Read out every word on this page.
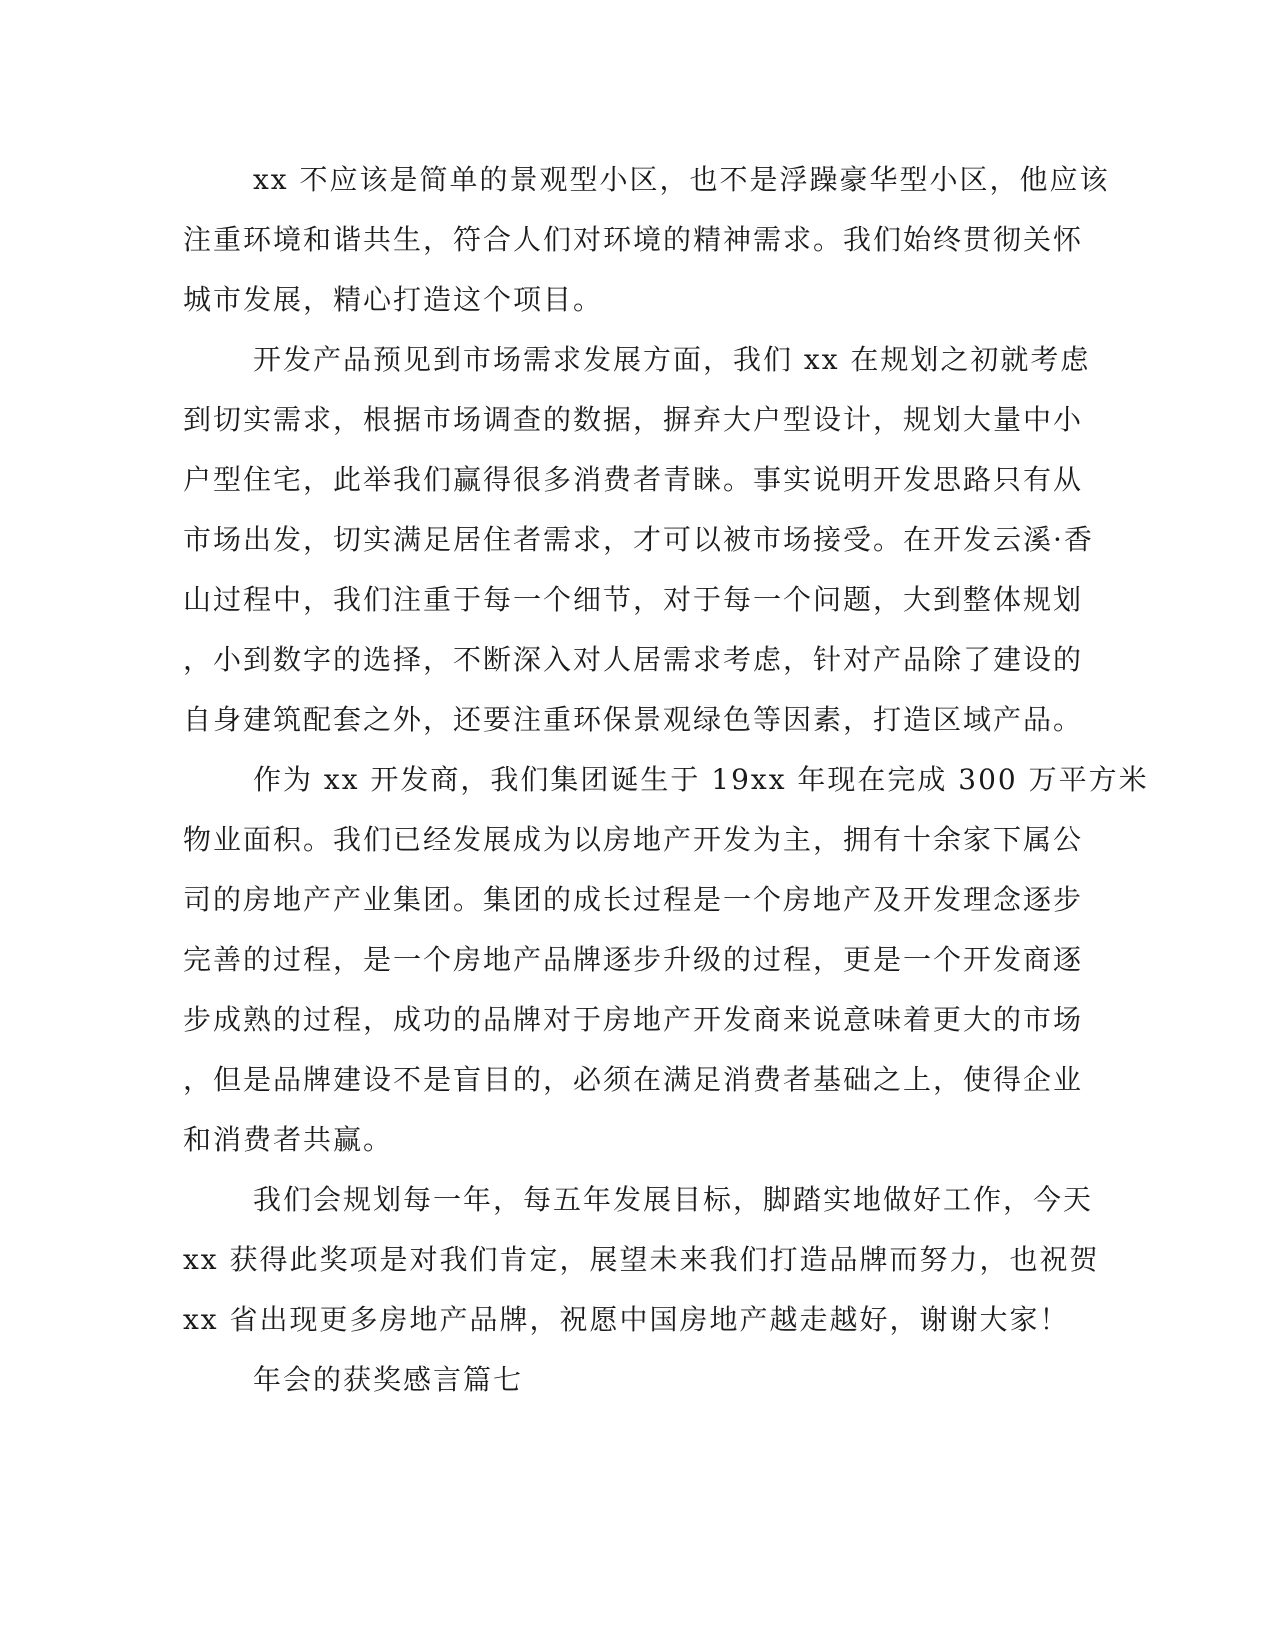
xx 不应该是简单的景观型小区，也不是浮躁豪华型小区，他应该
注重环境和谐共生，符合人们对环境的精神需求。我们始终贯彻关怀
城市发展，精心打造这个项目。
开发产品预见到市场需求发展方面，我们 xx 在规划之初就考虑
到切实需求，根据市场调查的数据，摒弃大户型设计，规划大量中小
户型住宅，此举我们赢得很多消费者青睐。事实说明开发思路只有从
市场出发，切实满足居住者需求，才可以被市场接受。在开发云溪·香
山过程中，我们注重于每一个细节，对于每一个问题，大到整体规划
，小到数字的选择，不断深入对人居需求考虑，针对产品除了建设的
自身建筑配套之外，还要注重环保景观绿色等因素，打造区域产品。
作为 xx 开发商，我们集团诞生于 19xx 年现在完成 300 万平方米
物业面积。我们已经发展成为以房地产开发为主，拥有十余家下属公
司的房地产产业集团。集团的成长过程是一个房地产及开发理念逐步
完善的过程，是一个房地产品牌逐步升级的过程，更是一个开发商逐
步成熟的过程，成功的品牌对于房地产开发商来说意味着更大的市场
，但是品牌建设不是盲目的，必须在满足消费者基础之上，使得企业
和消费者共赢。
我们会规划每一年，每五年发展目标，脚踏实地做好工作，今天
xx 获得此奖项是对我们肯定，展望未来我们打造品牌而努力，也祝贺
xx 省出现更多房地产品牌，祝愿中国房地产越走越好，谢谢大家！
年会的获奖感言篇七
